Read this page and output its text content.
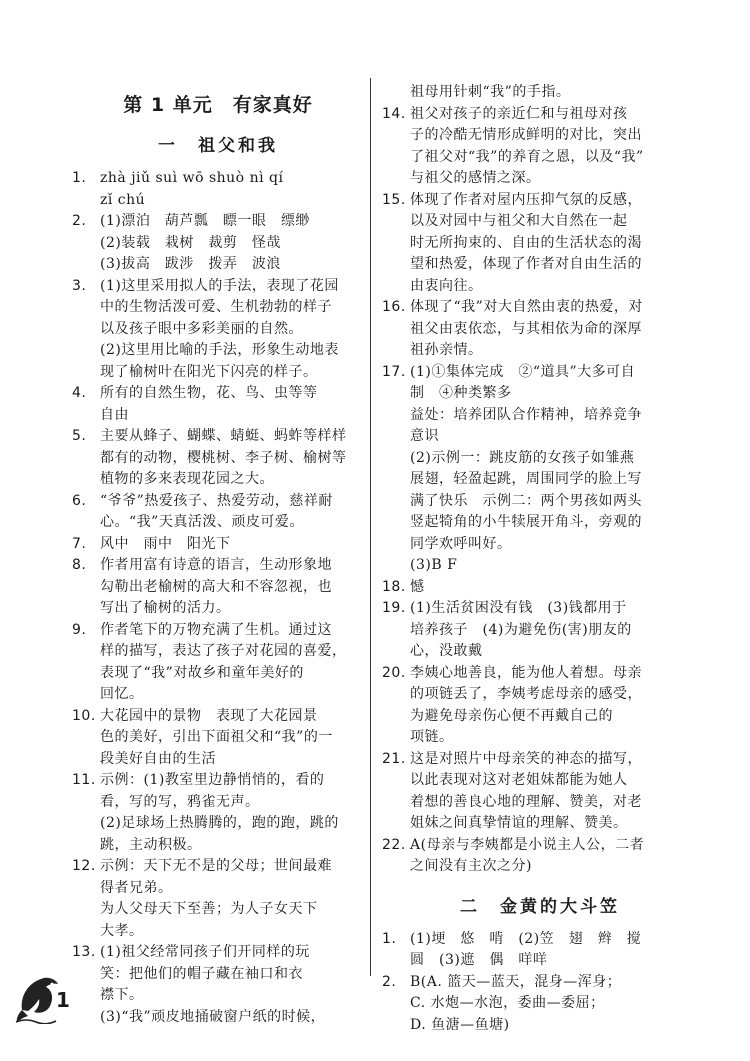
第 1 单元　有家真好
一　祖父和我
1. zhà jiǔ suì wō shuò nì qí
zǐ chú
2. (1)漂泊　葫芦瓢　瞟一眼　缥缈
(2)装载　栽树　裁剪　怪哉
(3)拔高　跋涉　拨弄　波浪
3. (1)这里采用拟人的手法，表现了花园
中的生物活泼可爱、生机勃勃的样子
以及孩子眼中多彩美丽的自然。
(2)这里用比喻的手法，形象生动地表
现了榆树叶在阳光下闪亮的样子。
4. 所有的自然生物，花、鸟、虫等等
自由
5. 主要从蜂子、蝴蝶、蜻蜓、蚂蚱等样样
都有的动物，樱桃树、李子树、榆树等
植物的多来表现花园之大。
6. “爷爷”热爱孩子、热爱劳动，慈祥耐
心。“我”天真活泼、顽皮可爱。
7. 风中　雨中　阳光下
8. 作者用富有诗意的语言，生动形象地
勾勒出老榆树的高大和不容忽视，也
写出了榆树的活力。
9. 作者笔下的万物充满了生机。通过这
样的描写，表达了孩子对花园的喜爱，
表现了“我”对故乡和童年美好的
回忆。
10. 大花园中的景物　表现了大花园景
色的美好，引出下面祖父和“我”的一
段美好自由的生活
11. 示例：(1)教室里边静悄悄的，看的
看，写的写，鸦雀无声。
(2)足球场上热腾腾的，跑的跑，跳的
跳，主动积极。
12. 示例：天下无不是的父母；世间最难
得者兄弟。
为人父母天下至善；为人子女天下
大孝。
13. (1)祖父经常同孩子们开同样的玩
笑：把他们的帽子藏在袖口和衣
襟下。
(3)“我”顽皮地捅破窗户纸的时候，
祖母用针刺“我”的手指。
14. 祖父对孩子的亲近仁和与祖母对孩
子的冷酷无情形成鲜明的对比，突出
了祖父对“我”的养育之恩，以及“我”
与祖父的感情之深。
15. 体现了作者对屋内压抑气氛的反感，
以及对园中与祖父和大自然在一起
时无所拘束的、自由的生活状态的渴
望和热爱，体现了作者对自由生活的
由衷向往。
16. 体现了“我”对大自然由衷的热爱，对
祖父由衷依恋，与其相依为命的深厚
祖孙亲情。
17. (1)①集体完成　②“道具”大多可自
制　④种类繁多
益处：培养团队合作精神，培养竞争
意识
(2)示例一：跳皮筋的女孩子如雏燕
展翅，轻盈起跳，周围同学的脸上写
满了快乐　示例二：两个男孩如两头
竖起犄角的小牛犊展开角斗，旁观的
同学欢呼叫好。
(3)B F
18. 憾
19. (1)生活贫困没有钱　(3)钱都用于
培养孩子　(4)为避免伤(害)朋友的
心，没敢戴
20. 李姨心地善良，能为他人着想。母亲
的项链丢了，李姨考虑母亲的感受，
为避免母亲伤心便不再戴自己的
项链。
21. 这是对照片中母亲笑的神态的描写，
以此表现对这对老姐妹都能为她人
着想的善良心地的理解、赞美，对老
姐妹之间真挚情谊的理解、赞美。
22. A(母亲与李姨都是小说主人公，二者
之间没有主次之分)
二　金黄的大斗笠
1. (1)埂　悠　啃　(2)笠　翅　辫　搅
圆　(3)遮　偶　咩咩
2. B(A. 篮天—蓝天，混身—浑身；
C. 水炮—水泡，委曲—委屈；
D. 鱼溏—鱼塘)
1
